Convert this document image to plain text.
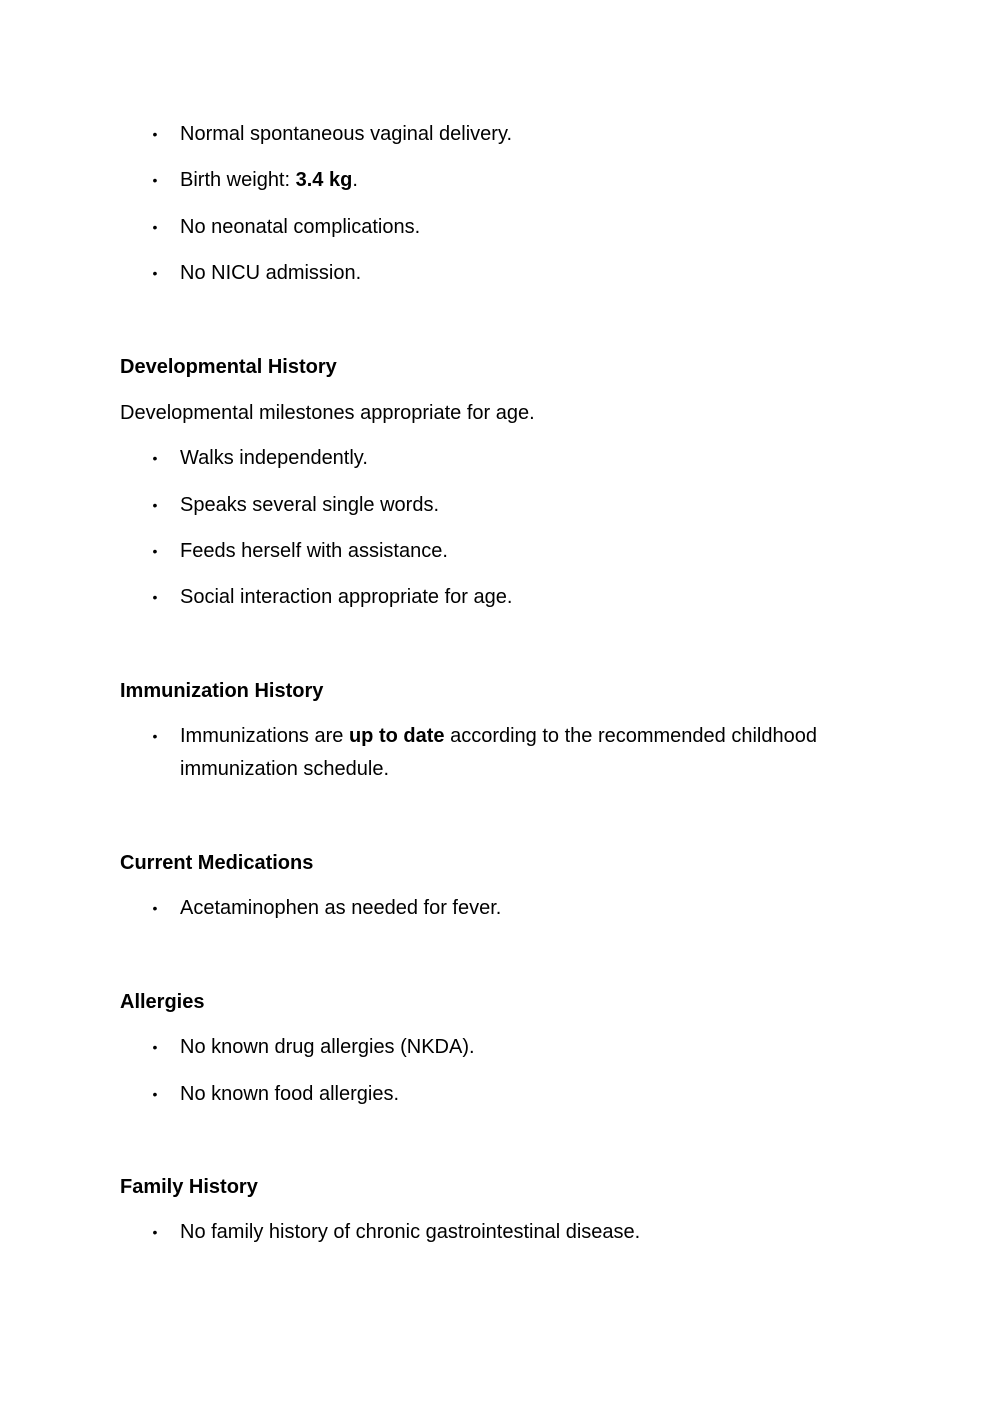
• Normal spontaneous vaginal delivery.
• Birth weight: 3.4 kg.
• No neonatal complications.
• No NICU admission.
Developmental History

Developmental milestones appropriate for age.

• Walks independently.
• Speaks several single words.
• Feeds herself with assistance.
• Social interaction appropriate for age.
Immunization History
• Immunizations are up to date according to the recommended childhood immunization schedule.
Current Medications
• Acetaminophen as needed for fever.
Allergies
• No known drug allergies (NKDA).
• No known food allergies.
Family History
• No family history of chronic gastrointestinal disease.
